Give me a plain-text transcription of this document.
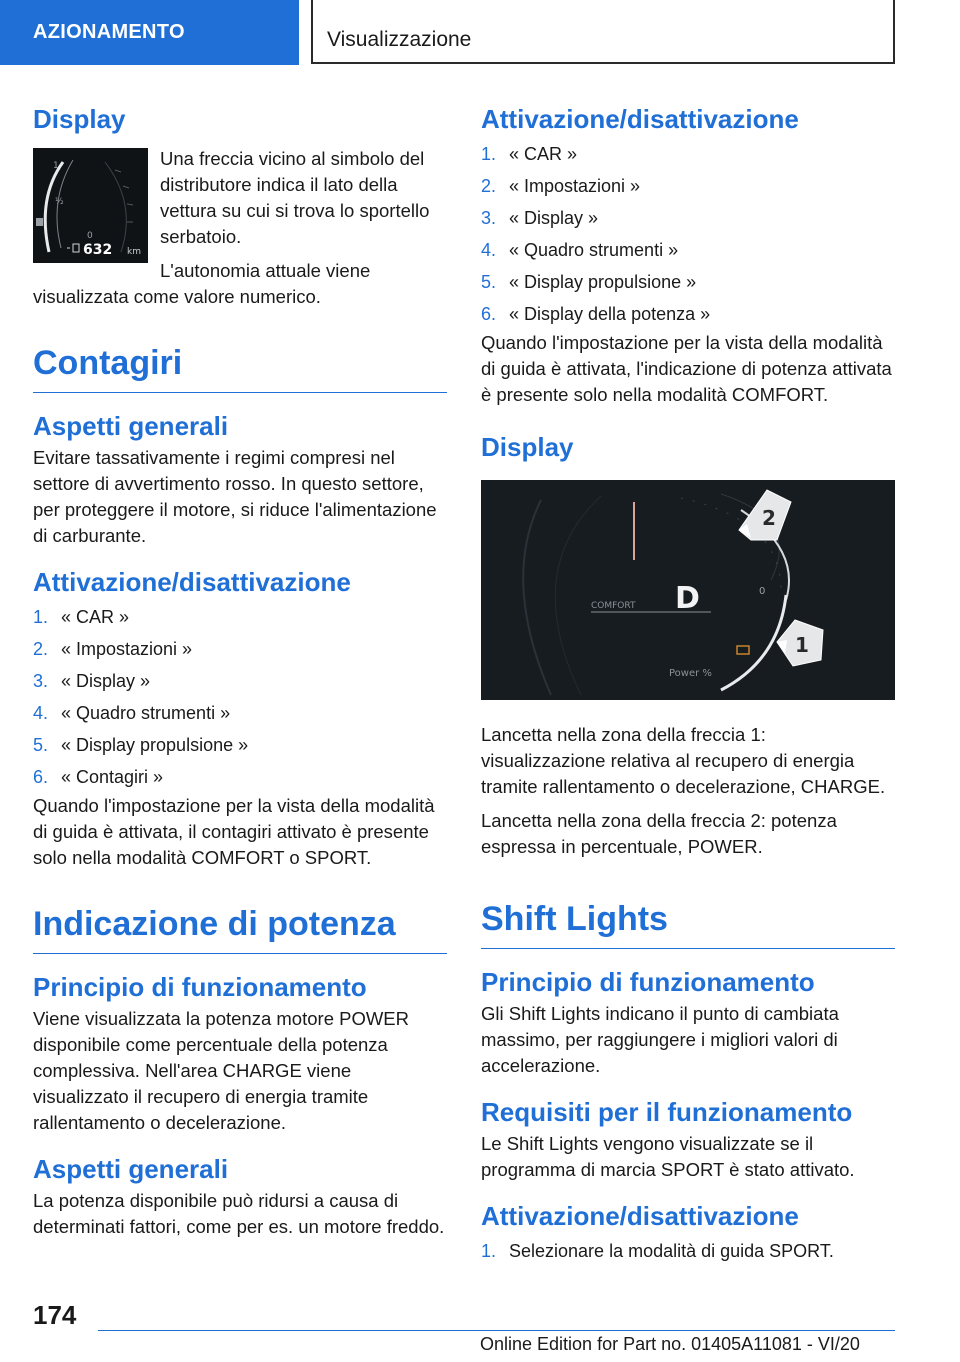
AZIONAMENTO	Visualizzazione
Display
1
½
0
632 km

Una freccia vicino al simbolo del distributore indica il lato della vettura su cui si trova lo sportello serbatoio.

L'autonomia attuale viene visualizzata come valore numerico.

Contagiri
Aspetti generali

Evitare tassativamente i regimi compresi nel settore di avvertimento rosso. In questo settore, per proteggere il motore, si riduce l'alimentazione di carburante.

Attivazione/disattivazione
1. « CAR »
2. « Impostazioni »
3. « Display »
4. « Quadro strumenti »
5. « Display propulsione »
6. « Contagiri »

Quando l'impostazione per la vista della modalità di guida è attivata, il contagiri attivato è presente solo nella modalità COMFORT o SPORT.

Indicazione di potenza
Principio di funzionamento

Viene visualizzata la potenza motore POWER disponibile come percentuale della potenza complessiva. Nell'area CHARGE viene visualizzato il recupero di energia tramite rallentamento o decelerazione.

Aspetti generali

La potenza disponibile può ridursi a causa di determinati fattori, come per es. un motore freddo.

Attivazione/disattivazione
1. « CAR »
2. « Impostazioni »
3. « Display »
4. « Quadro strumenti »
5. « Display propulsione »
6. « Display della potenza »

Quando l'impostazione per la vista della modalità di guida è attivata, l'indicazione di potenza attivata è presente solo nella modalità COMFORT.

Display
COMFORT D	0
Power %
2
1

Lancetta nella zona della freccia 1: visualizzazione relativa al recupero di energia tramite rallentamento o decelerazione, CHARGE.

Lancetta nella zona della freccia 2: potenza espressa in percentuale, POWER.

Shift Lights
Principio di funzionamento

Gli Shift Lights indicano il punto di cambiata massimo, per raggiungere i migliori valori di accelerazione.

Requisiti per il funzionamento

Le Shift Lights vengono visualizzate se il programma di marcia SPORT è stato attivato.

Attivazione/disattivazione
1. Selezionare la modalità di guida SPORT.
174
Online Edition for Part no. 01405A11081 - VI/20
